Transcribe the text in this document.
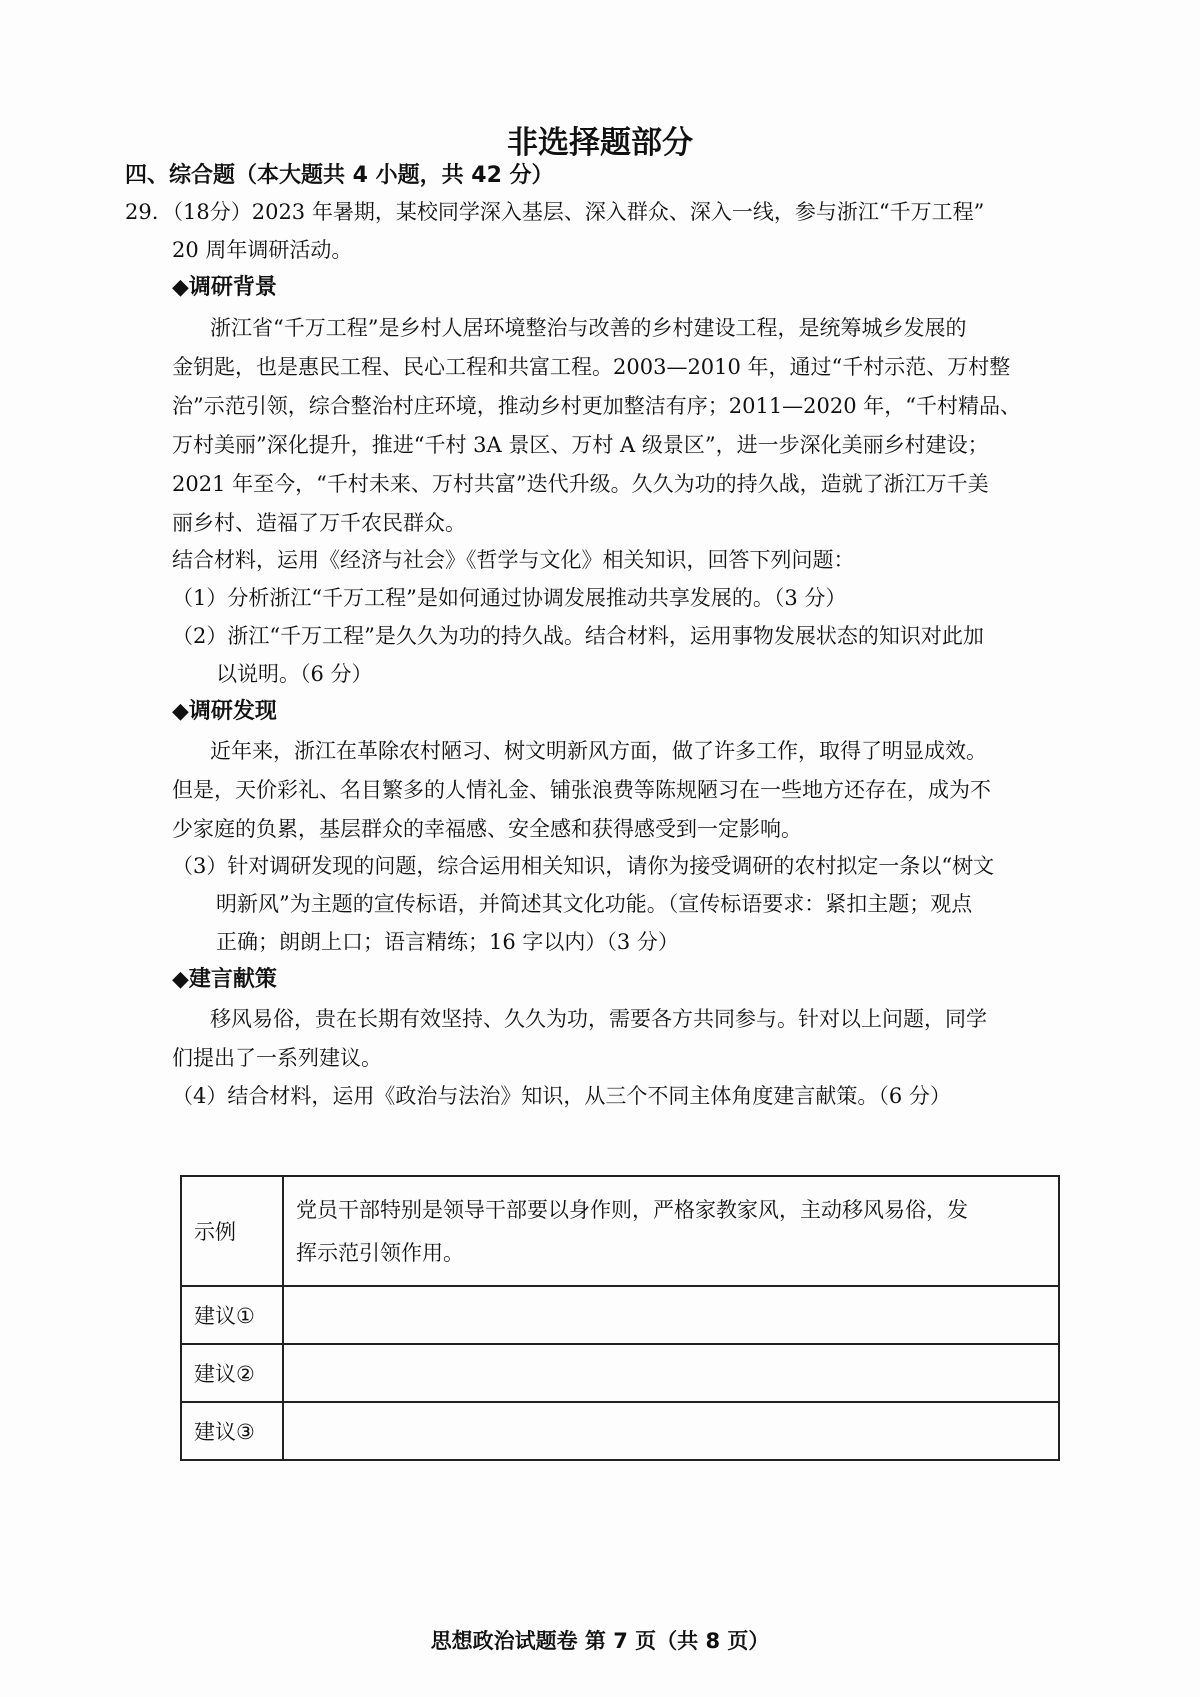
非选择题部分
四、综合题（本大题共 4 小题，共 42 分）
29. （18分）2023 年暑期，某校同学深入基层、深入群众、深入一线，参与浙江“千万工程”
20 周年调研活动。
◆调研背景
浙江省“千万工程”是乡村人居环境整治与改善的乡村建设工程，是统筹城乡发展的
金钥匙，也是惠民工程、民心工程和共富工程。2003—2010 年，通过“千村示范、万村整
治”示范引领，综合整治村庄环境，推动乡村更加整洁有序；2011—2020 年，“千村精品、
万村美丽”深化提升，推进“千村 3A 景区、万村 A 级景区”，进一步深化美丽乡村建设；
2021 年至今，“千村未来、万村共富”迭代升级。久久为功的持久战，造就了浙江万千美
丽乡村、造福了万千农民群众。
结合材料，运用《经济与社会》《哲学与文化》相关知识，回答下列问题：
（1）分析浙江“千万工程”是如何通过协调发展推动共享发展的。（3 分）
（2）浙江“千万工程”是久久为功的持久战。结合材料，运用事物发展状态的知识对此加
以说明。（6 分）
◆调研发现
近年来，浙江在革除农村陋习、树文明新风方面，做了许多工作，取得了明显成效。
但是，天价彩礼、名目繁多的人情礼金、铺张浪费等陈规陋习在一些地方还存在，成为不
少家庭的负累，基层群众的幸福感、安全感和获得感受到一定影响。
（3）针对调研发现的问题，综合运用相关知识，请你为接受调研的农村拟定一条以“树文
明新风”为主题的宣传标语，并简述其文化功能。（宣传标语要求：紧扣主题；观点
正确；朗朗上口；语言精练；16 字以内）（3 分）
◆建言献策
移风易俗，贵在长期有效坚持、久久为功，需要各方共同参与。针对以上问题，同学
们提出了一系列建议。
（4）结合材料，运用《政治与法治》知识，从三个不同主体角度建言献策。（6 分）
示例	党员干部特别是领导干部要以身作则，严格家教家风，主动移风易俗，发
挥示范引领作用。

建议①	
建议②	
建议③	
思想政治试题卷 第 7 页（共 8 页）
